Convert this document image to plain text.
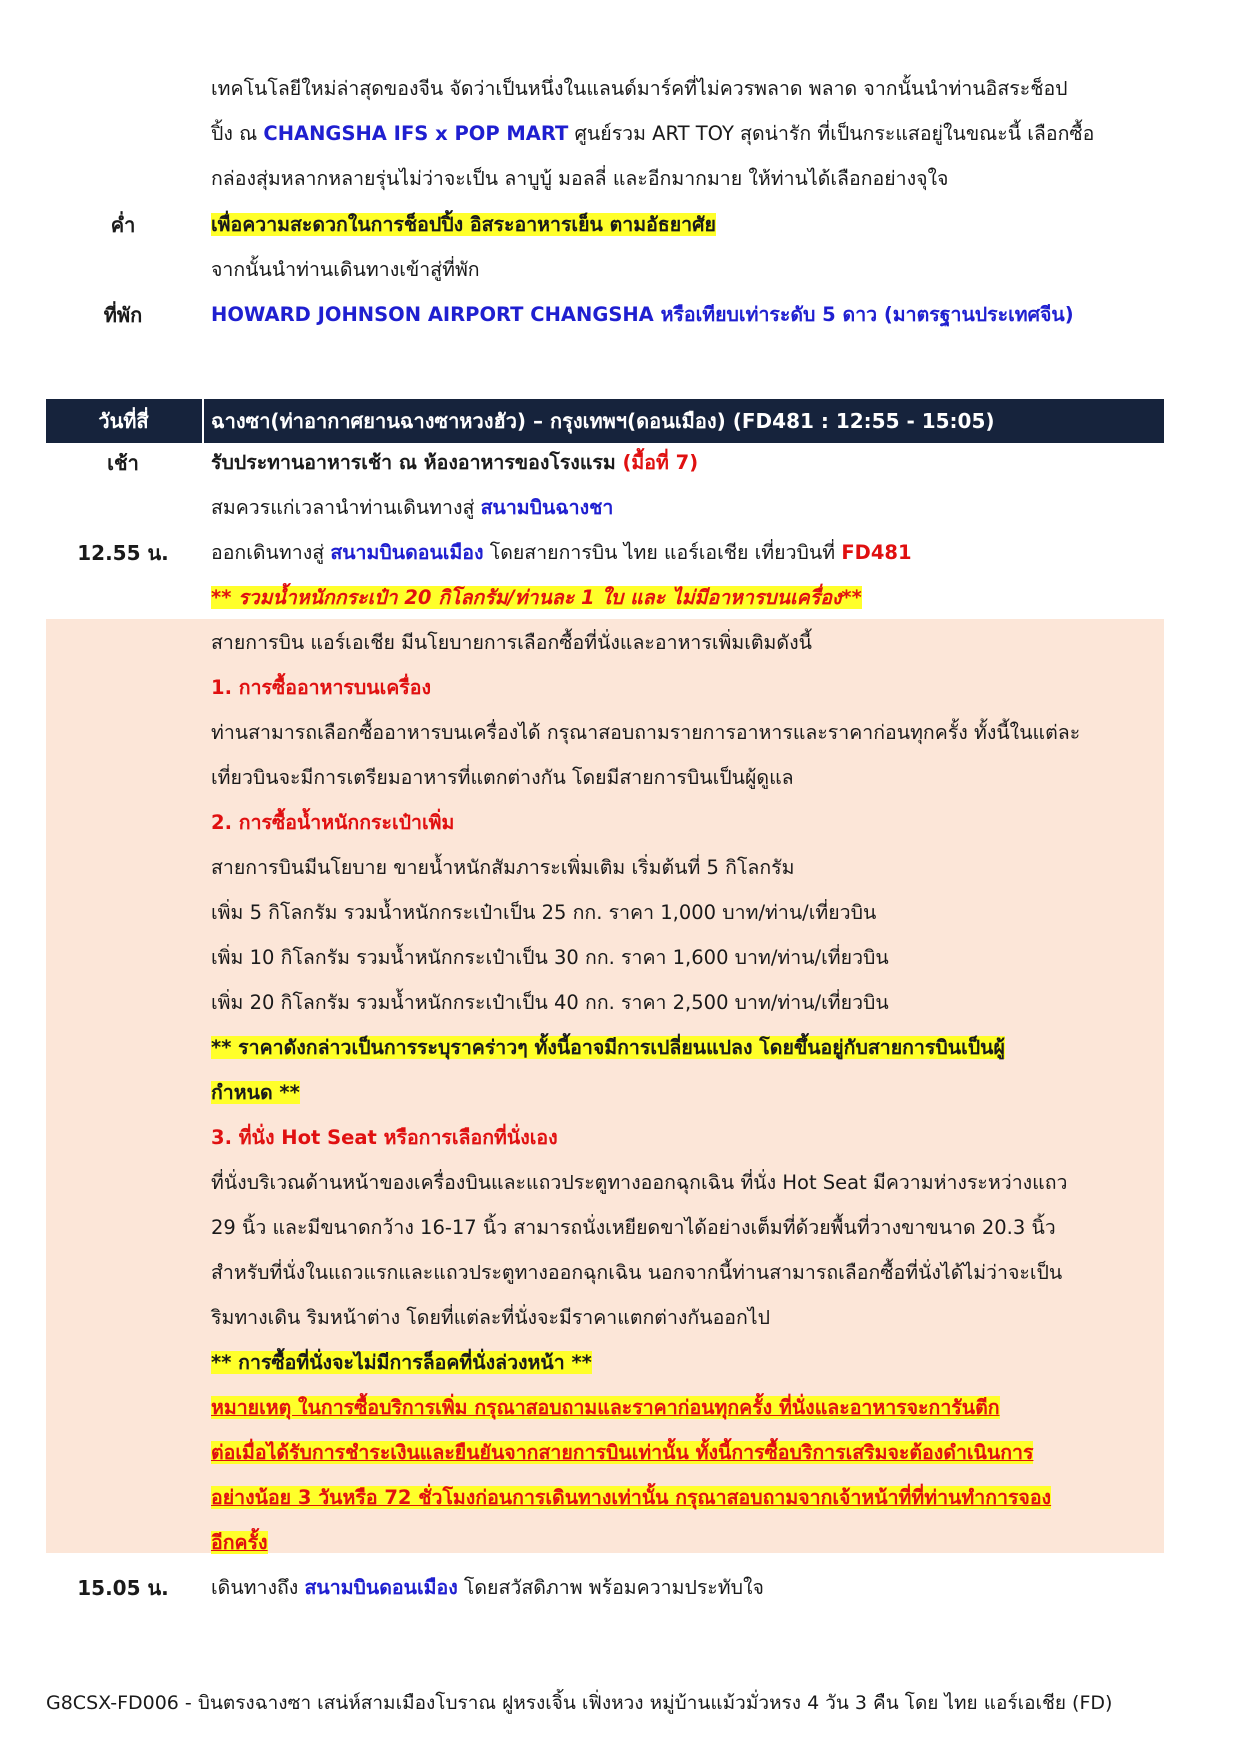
เทคโนโลยีใหม่ล่าสุดของจีน จัดว่าเป็นหนึ่งในแลนด์มาร์คที่ไม่ควรพลาด พลาด จากนั้นนำท่านอิสระช็อป
ปิ้ง ณ CHANGSHA IFS x POP MART ศูนย์รวม ART TOY สุดน่ารัก ที่เป็นกระแสอยู่ในขณะนี้ เลือกซื้อ
กล่องสุ่มหลากหลายรุ่นไม่ว่าจะเป็น ลาบูบู้ มอลลี่ และอีกมากมาย ให้ท่านได้เลือกอย่างจุใจ
ค่ำ	เพื่อความสะดวกในการช็อปปิ้ง อิสระอาหารเย็น ตามอัธยาศัย
จากนั้นนำท่านเดินทางเข้าสู่ที่พัก
ที่พัก	HOWARD JOHNSON AIRPORT CHANGSHA หรือเทียบเท่าระดับ 5 ดาว (มาตรฐานประเทศจีน)
วันที่สี่	ฉางซา(ท่าอากาศยานฉางซาหวงฮัว) – กรุงเทพฯ(ดอนเมือง) (FD481 : 12:55 - 15:05)
เช้า	รับประทานอาหารเช้า ณ ห้องอาหารของโรงแรม (มื้อที่ 7)
สมควรแก่เวลานำท่านเดินทางสู่ สนามบินฉางชา
12.55 น.	ออกเดินทางสู่ สนามบินดอนเมือง โดยสายการบิน ไทย แอร์เอเชีย เที่ยวบินที่ FD481
** รวมน้ำหนักกระเป๋า 20 กิโลกรัม/ท่านละ 1 ใบ และ ไม่มีอาหารบนเครื่อง**
สายการบิน แอร์เอเชีย มีนโยบายการเลือกซื้อที่นั่งและอาหารเพิ่มเติมดังนี้
1. การซื้ออาหารบนเครื่อง
ท่านสามารถเลือกซื้ออาหารบนเครื่องได้ กรุณาสอบถามรายการอาหารและราคาก่อนทุกครั้ง ทั้งนี้ในแต่ละ
เที่ยวบินจะมีการเตรียมอาหารที่แตกต่างกัน โดยมีสายการบินเป็นผู้ดูแล
2. การซื้อน้ำหนักกระเป๋าเพิ่ม
สายการบินมีนโยบาย ขายน้ำหนักสัมภาระเพิ่มเติม เริ่มต้นที่ 5 กิโลกรัม
เพิ่ม 5 กิโลกรัม รวมน้ำหนักกระเป๋าเป็น 25 กก. ราคา 1,000 บาท/ท่าน/เที่ยวบิน
เพิ่ม 10 กิโลกรัม รวมน้ำหนักกระเป๋าเป็น 30 กก. ราคา 1,600 บาท/ท่าน/เที่ยวบิน
เพิ่ม 20 กิโลกรัม รวมน้ำหนักกระเป๋าเป็น 40 กก. ราคา 2,500 บาท/ท่าน/เที่ยวบิน
** ราคาดังกล่าวเป็นการระบุราคร่าวๆ ทั้งนี้อาจมีการเปลี่ยนแปลง โดยขึ้นอยู่กับสายการบินเป็นผู้
กำหนด **
3. ที่นั่ง Hot Seat หรือการเลือกที่นั่งเอง
ที่นั่งบริเวณด้านหน้าของเครื่องบินและแถวประตูทางออกฉุกเฉิน ที่นั่ง Hot Seat มีความห่างระหว่างแถว
29 นิ้ว และมีขนาดกว้าง 16-17 นิ้ว สามารถนั่งเหยียดขาได้อย่างเต็มที่ด้วยพื้นที่วางขาขนาด 20.3 นิ้ว
สำหรับที่นั่งในแถวแรกและแถวประตูทางออกฉุกเฉิน นอกจากนี้ท่านสามารถเลือกซื้อที่นั่งได้ไม่ว่าจะเป็น
ริมทางเดิน ริมหน้าต่าง โดยที่แต่ละที่นั่งจะมีราคาแตกต่างกันออกไป
** การซื้อที่นั่งจะไม่มีการล็อคที่นั่งล่วงหน้า **
หมายเหตุ ในการซื้อบริการเพิ่ม กรุณาสอบถามและราคาก่อนทุกครั้ง ที่นั่งและอาหารจะการันตีก
ต่อเมื่อได้รับการชำระเงินและยืนยันจากสายการบินเท่านั้น ทั้งนี้การซื้อบริการเสริมจะต้องดำเนินการ
อย่างน้อย 3 วันหรือ 72 ชั่วโมงก่อนการเดินทางเท่านั้น กรุณาสอบถามจากเจ้าหน้าที่ที่ท่านทำการจอง
อีกครั้ง
15.05 น.	เดินทางถึง สนามบินดอนเมือง โดยสวัสดิภาพ พร้อมความประทับใจ
G8CSX-FD006 - บินตรงฉางซา เสน่ห์สามเมืองโบราณ ฝูหรงเจิ้น เฟิ่งหวง หมู่บ้านแม้วมั่วหรง 4 วัน 3 คืน โดย ไทย แอร์เอเชีย (FD)
